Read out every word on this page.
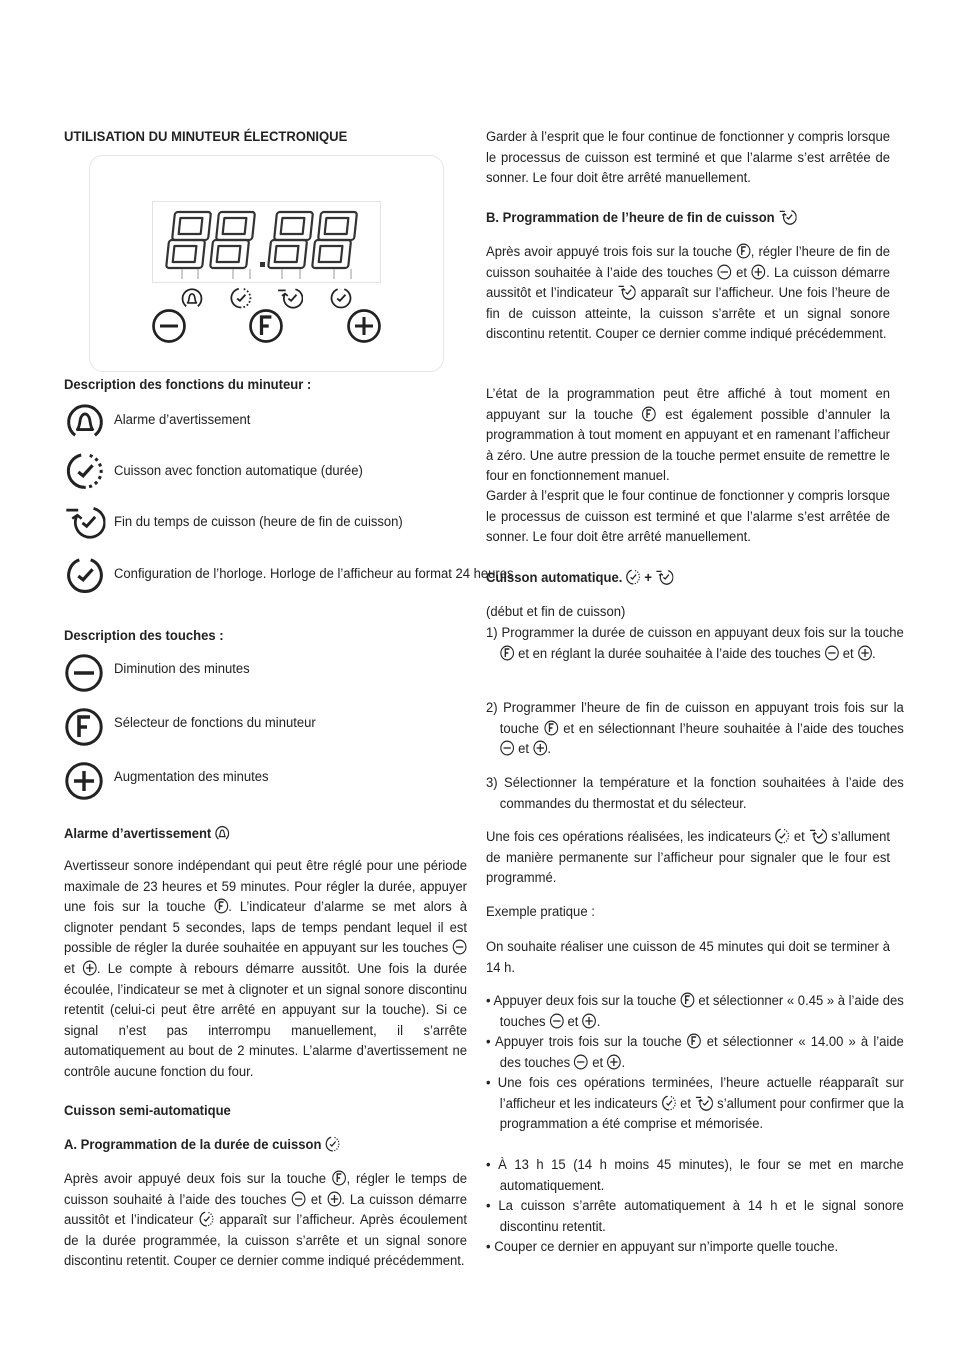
UTILISATION DU MINUTEUR ÉLECTRONIQUE

Description des fonctions du minuteur :

Alarme d’avertissement

Cuisson avec fonction automatique (durée)

Fin du temps de cuisson (heure de fin de cuisson)

Configuration de l’horloge. Horloge de l’afficheur au format 24 heures

Description des touches :

Diminution des minutes

Sélecteur de fonctions du minuteur

Augmentation des minutes

Alarme d’avertissement

Avertisseur sonore indépendant qui peut être réglé pour une période maximale de 23 heures et 59 minutes. Pour régler la durée, appuyer une fois sur la touche . L’indicateur d’alarme se met alors à clignoter pendant 5 secondes, laps de temps pendant lequel il est possible de régler la durée souhaitée en appuyant sur les touches  et . Le compte à rebours démarre aussitôt. Une fois la durée écoulée, l’indicateur se met à clignoter et un signal sonore discontinu retentit (celui-ci peut être arrêté en appuyant sur la touche). Si ce signal n’est pas interrompu manuellement, il s’arrête automatiquement au bout de 2 minutes. L’alarme d’avertissement ne contrôle aucune fonction du four.

Cuisson semi-automatique

A. Programmation de la durée de cuisson

Après avoir appuyé deux fois sur la touche , régler le temps de cuisson souhaité à l’aide des touches et . La cuisson démarre aussitôt et l’indicateur apparaît sur l’afficheur. Après écoulement de la durée programmée, la cuisson s’arrête et un signal sonore discontinu retentit. Couper ce dernier comme indiqué précédemment.

Garder à l’esprit que le four continue de fonctionner y compris lorsque le processus de cuisson est terminé et que l’alarme s’est arrêtée de sonner. Le four doit être arrêté manuellement.

B. Programmation de l’heure de fin de cuisson

Après avoir appuyé trois fois sur la touche , régler l’heure de fin de cuisson souhaitée à l’aide des touches et . La cuisson démarre aussitôt et l’indicateur apparaît sur l’afficheur. Une fois l’heure de fin de cuisson atteinte, la cuisson s’arrête et un signal sonore discontinu retentit. Couper ce dernier comme indiqué précédemment.

L’état de la programmation peut être affiché à tout moment en appuyant sur la touche est également possible d’annuler la programmation à tout moment en appuyant et en ramenant l’afficheur à zéro. Une autre pression de la touche permet ensuite de remettre le four en fonctionnement manuel.

Garder à l’esprit que le four continue de fonctionner y compris lorsque le processus de cuisson est terminé et que l’alarme s’est arrêtée de sonner. Le four doit être arrêté manuellement.

Cuisson automatique. +

(début et fin de cuisson)

1) Programmer la durée de cuisson en appuyant deux fois sur la touche  et en réglant la durée souhaitée à l’aide des touches et .

2) Programmer l’heure de fin de cuisson en appuyant trois fois sur la touche et en sélectionnant l’heure souhaitée à l’aide des touches  et .

3) Sélectionner la température et la fonction souhaitées à l’aide des commandes du thermostat et du sélecteur.

Une fois ces opérations réalisées, les indicateurs et s’allument de manière permanente sur l’afficheur pour signaler que le four est programmé.

Exemple pratique :

On souhaite réaliser une cuisson de 45 minutes qui doit se terminer à 14 h.

• Appuyer deux fois sur la touche et sélectionner « 0.45 » à l’aide des touches et .

• Appuyer trois fois sur la touche et sélectionner « 14.00 » à l’aide des touches et .

• Une fois ces opérations terminées, l’heure actuelle réapparaît sur l’afficheur et les indicateurs et s’allument pour confirmer que la programmation a été comprise et mémorisée.

• À 13 h 15 (14 h moins 45 minutes), le four se met en marche automatiquement.

• La cuisson s’arrête automatiquement à 14 h et le signal sonore discontinu retentit.

• Couper ce dernier en appuyant sur n’importe quelle touche.
